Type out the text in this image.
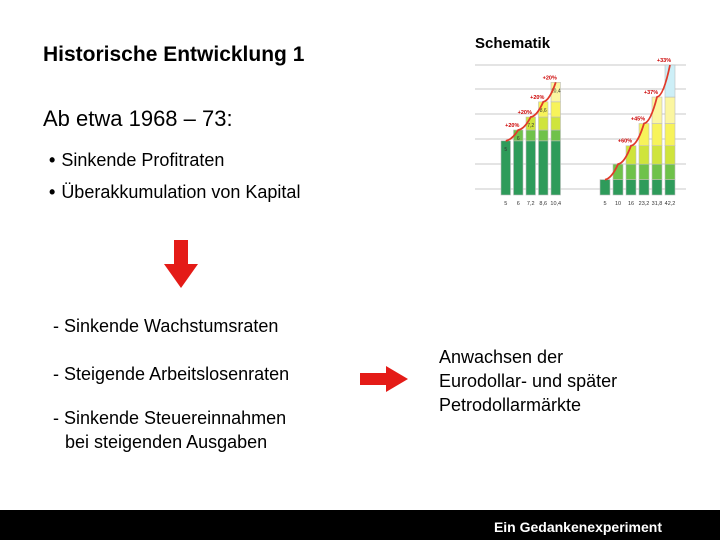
Historische Entwicklung 1
Ab etwa 1968 – 73:
• Sinkende Profitraten
• Überakkumulation von Kapital
- Sinkende Wachstumsraten
- Steigende Arbeitslosenraten
- Sinkende Steuereinnahmen
bei steigenden Ausgaben
Anwachsen der
Eurodollar- und später
Petrodollarmärkte
Schematik
5
5
6
6
7,2
7,2
8,6
8,6
10,4
10,4
+20%
+20%
+20%
+20%
5 10 16 23,2 31,8 42,2
+60%
+45%
+37%
+33%
Ein Gedankenexperiment
